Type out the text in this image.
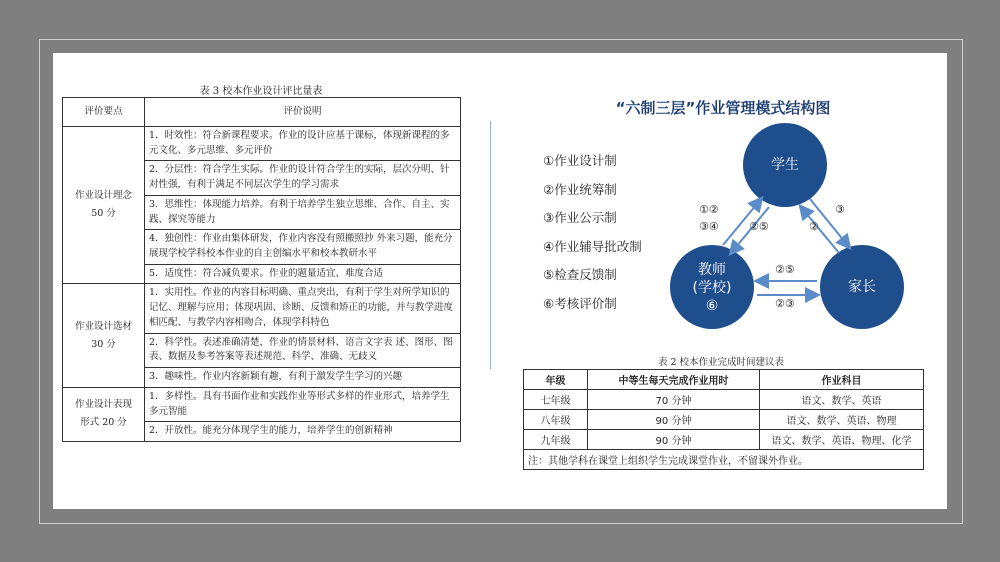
表 3 校本作业设计评比量表
评价要点	评价说明
作业设计理念
50 分	1．时效性：符合新课程要求。作业的设计应基于课标，体现新课程的多元文化、多元思维、多元评价
	2．分层性：符合学生实际。作业的设计符合学生的实际，层次分明、针对性强，有利于满足不同层次学生的学习需求
	3．思维性：体现能力培养。有利于培养学生独立思维、合作、自主、实践、探究等能力
	4．独创性：作业由集体研发，作业内容没有照搬照抄 外来习题，能充分展现学校学科校本作业的自主创编水平和校本教研水平
	5．适度性：符合减负要求。作业的题量适宜、难度合适
作业设计选材
30 分	1．实用性。作业的内容目标明确、重点突出，有利于学生对所学知识的记忆、理解与应用；体现巩固、诊断、反馈和矫正的功能，并与教学进度相匹配、与教学内容相吻合，体现学科特色
	2．科学性。表述准确清楚，作业的情景材料、语言文字表 述、图形、图表、数据及参考答案等表述规范、科学、准确、无歧义
	3．趣味性。作业内容新颖有趣，有利于激发学生学习的兴趣
作业设计表现
形式 20 分	1．多样性。具有书面作业和实践作业等形式多样的作业形式，培养学生多元智能
	2．开放性。能充分体现学生的能力，培养学生的创新精神
“六制三层”作业管理模式结构图
①作业设计制
②作业统筹制
③作业公示制
④作业辅导批改制
⑤检查反馈制
⑥考核评价制
学生
教师
(学校)
⑥
家长
①②
③④	②⑤
③
②
②⑤
②③
表 2 校本作业完成时间建议表
年级	中等生每天完成作业用时	作业科目
七年级	70 分钟	语文、数学、英语
八年级	90 分钟	语文、数学、英语、物理
九年级	90 分钟	语文、数学、英语、物理、化学
注：其他学科在课堂上组织学生完成课堂作业，不留课外作业。		
